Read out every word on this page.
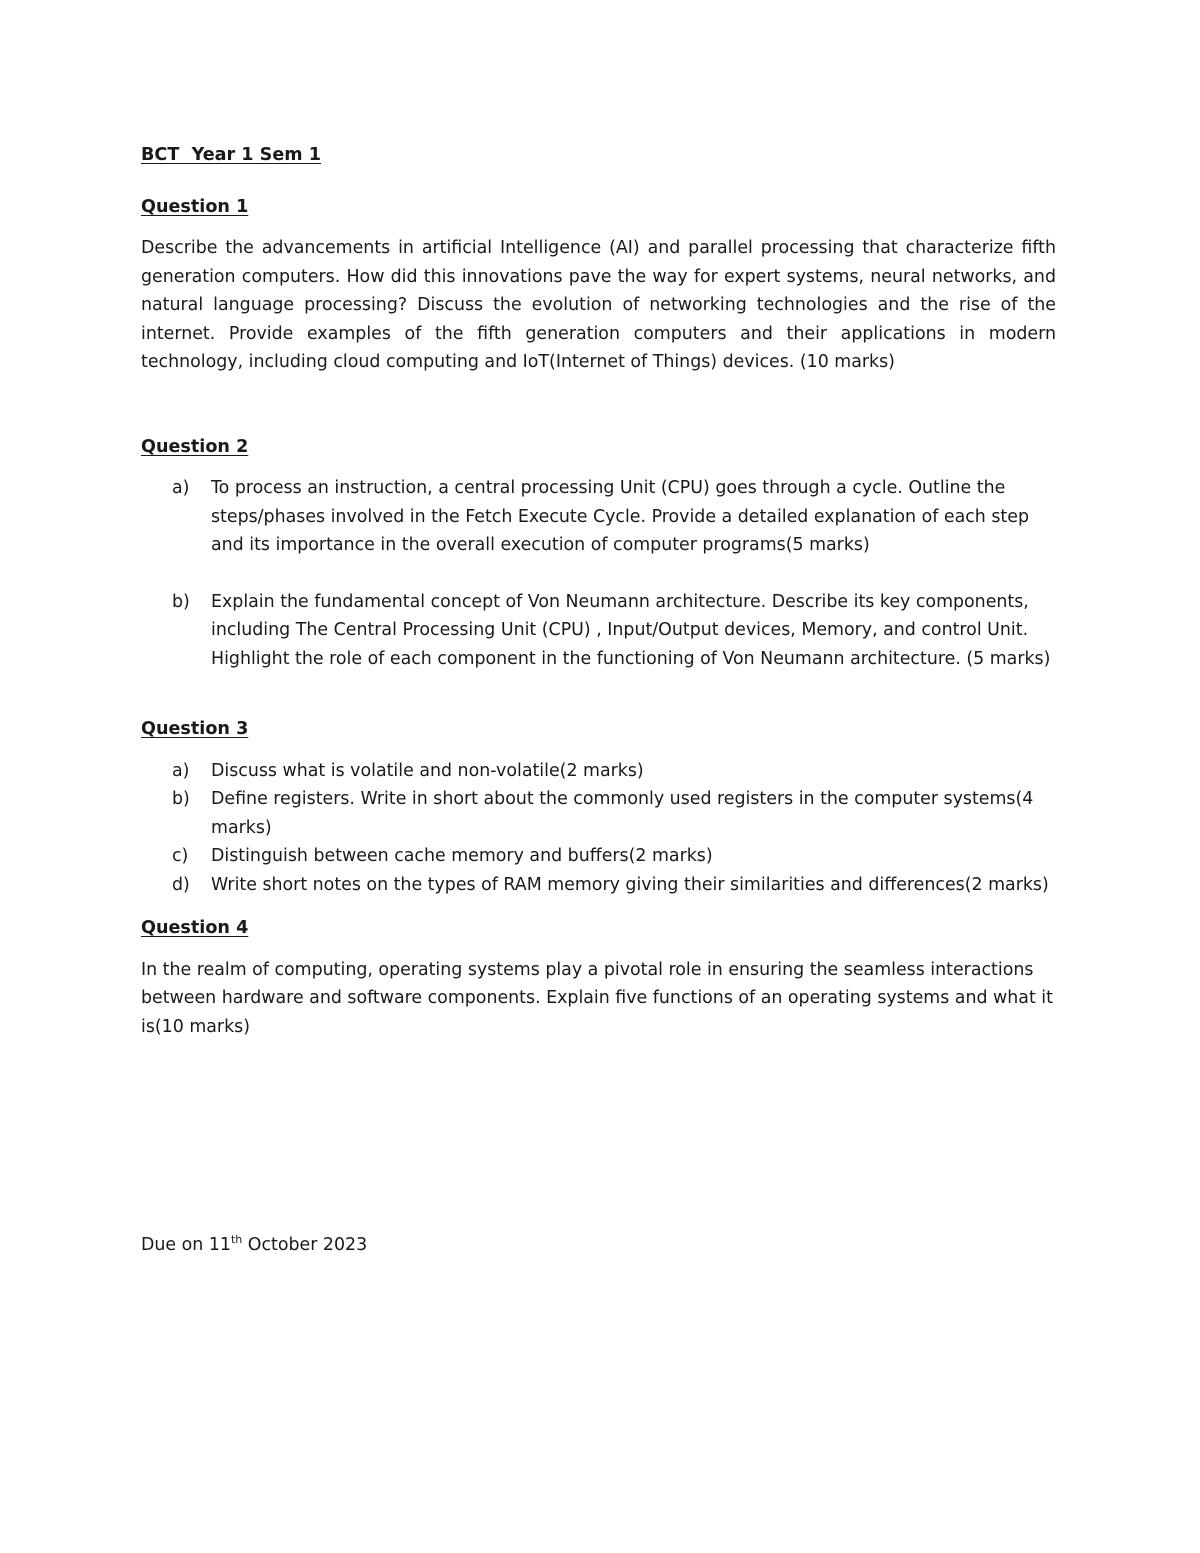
BCT  Year 1 Sem 1

Question 1

Describe the advancements in artificial Intelligence (AI) and parallel processing that characterize fifth generation computers. How did this innovations pave the way for expert systems, neural networks, and natural language processing? Discuss the evolution of networking technologies and the rise of the internet. Provide examples of the fifth generation computers and their applications in modern technology, including cloud computing and IoT(Internet of Things) devices. (10 marks)

Question 2

a) To process an instruction, a central processing Unit (CPU) goes through a cycle. Outline the steps/phases involved in the Fetch Execute Cycle. Provide a detailed explanation of each step and its importance in the overall execution of computer programs(5 marks)
b) Explain the fundamental concept of Von Neumann architecture. Describe its key components, including The Central Processing Unit (CPU) , Input/Output devices, Memory, and control Unit. Highlight the role of each component in the functioning of Von Neumann architecture. (5 marks)

Question 3

a) Discuss what is volatile and non-volatile(2 marks)
b) Define registers. Write in short about the commonly used registers in the computer systems(4 marks)
c) Distinguish between cache memory and buffers(2 marks)
d) Write short notes on the types of RAM memory giving their similarities and differences(2 marks)

Question 4

In the realm of computing, operating systems play a pivotal role in ensuring the seamless interactions between hardware and software components. Explain five functions of an operating systems and what it is(10 marks)

Due on 11th October 2023
